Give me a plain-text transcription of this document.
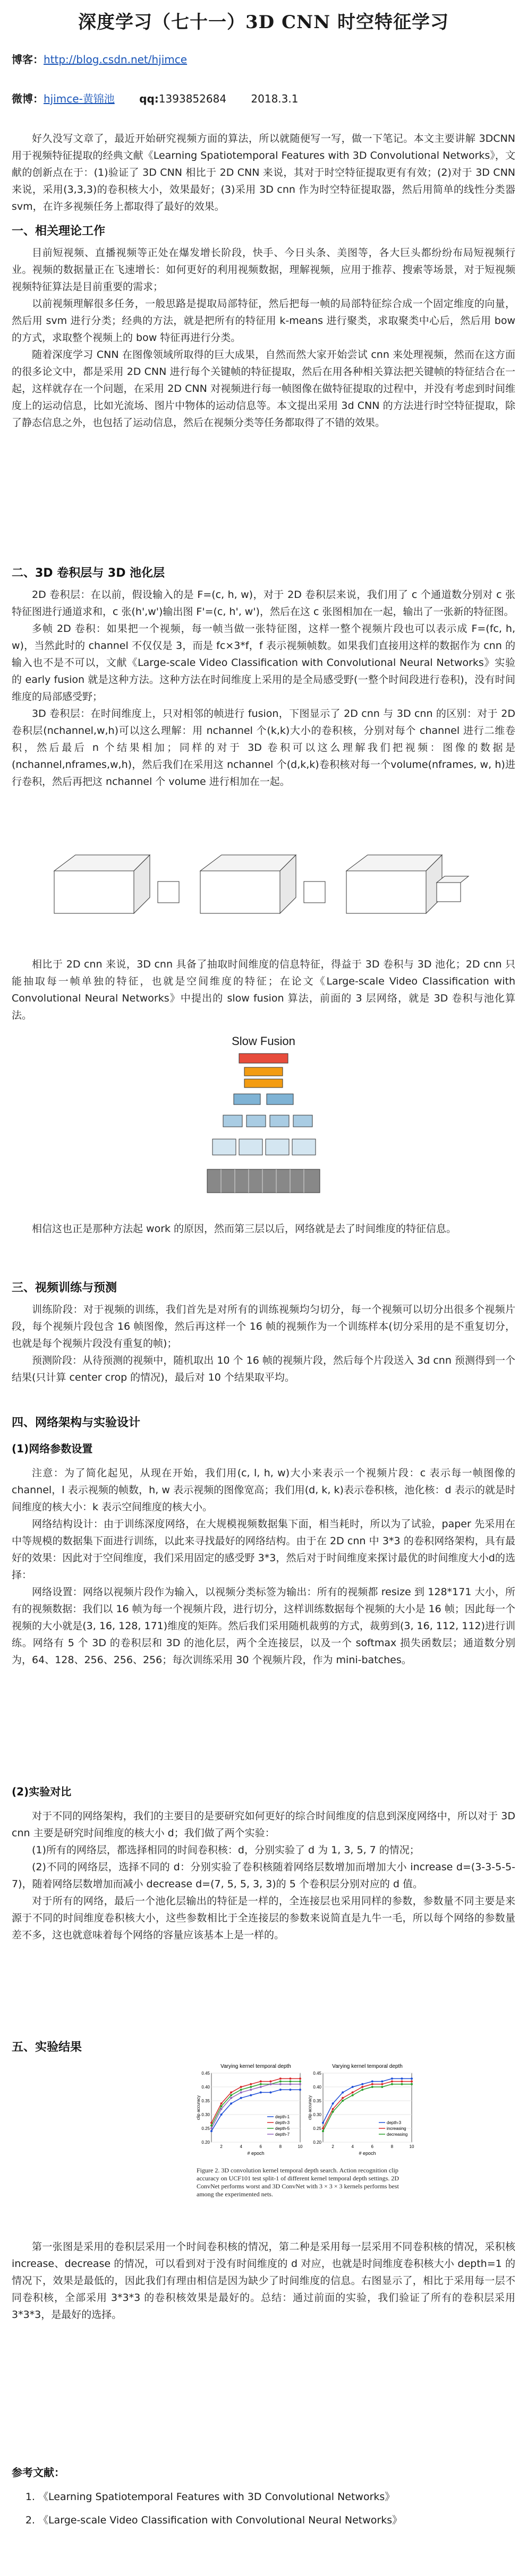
深度学习（七十一）3D CNN 时空特征学习
博客：http://blog.csdn.net/hjimce
微博：hjimce-黄锦池 qq:1393852684 2018.3.1

好久没写文章了，最近开始研究视频方面的算法，所以就随便写一写，做一下笔记。本文主要讲解 3DCNN 用于视频特征提取的经典文献《Learning Spatiotemporal Features with 3D Convolutional Networks》，文献的创新点在于：(1)验证了 3D CNN 相比于 2D CNN 来说，其对于时空特征提取更有有效；(2)对于 3D CNN 来说，采用(3,3,3)的卷积核大小，效果最好；(3)采用 3D cnn 作为时空特征提取器，然后用简单的线性分类器 svm，在许多视频任务上都取得了最好的效果。

一、相关理论工作

目前短视频、直播视频等正处在爆发增长阶段，快手、今日头条、美图等，各大巨头都纷纷布局短视频行业。视频的数据量正在飞速增长：如何更好的利用视频数据，理解视频，应用于推荐、搜索等场景，对于短视频视频特征算法是目前重要的需求；

以前视频理解很多任务，一般思路是提取局部特征，然后把每一帧的局部特征综合成一个固定维度的向量，然后用 svm 进行分类；经典的方法，就是把所有的特征用 k-means 进行聚类，求取聚类中心后，然后用 bow 的方式，求取整个视频上的 bow 特征再进行分类。

随着深度学习 CNN 在图像领域所取得的巨大成果，自然而然大家开始尝试 cnn 来处理视频，然而在这方面的很多论文中，都是采用 2D CNN 进行每个关键帧的特征提取，然后在用各种相关算法把关键帧的特征结合在一起，这样就存在一个问题，在采用 2D CNN 对视频进行每一帧图像在做特征提取的过程中，并没有考虑到时间维度上的运动信息，比如光流场、图片中物体的运动信息等。本文提出采用 3d CNN 的方法进行时空特征提取，除了静态信息之外，也包括了运动信息，然后在视频分类等任务都取得了不错的效果。

二、3D 卷积层与 3D 池化层

2D 卷积层：在以前，假设输入的是 F=(c, h, w)，对于 2D 卷积层来说，我们用了 c 个通道数分别对 c 张特征图进行通道求和，c 张(h',w')输出图 F'=(c, h', w')，然后在这 c 张图相加在一起，输出了一张新的特征图。

多帧 2D 卷积：如果把一个视频，每一帧当做一张特征图，这样一整个视频片段也可以表示成 F=(fc, h, w)，当然此时的 channel 不仅仅是 3，而是 fc×3*f，f 表示视频帧数。如果我们直接用这样的数据作为 cnn 的输入也不是不可以，文献《Large-scale Video Classification with Convolutional Neural Networks》实验的 early fusion 就是这种方法。这种方法在时间维度上采用的是全局感受野(一整个时间段进行卷积)，没有时间维度的局部感受野；

3D 卷积层：在时间维度上，只对相邻的帧进行 fusion，下图显示了 2D cnn 与 3D cnn 的区别：对于 2D 卷积层(nchannel,w,h)可以这么理解：用 nchannel 个(k,k)大小的卷积核，分别对每个 channel 进行二维卷积，然后最后 n 个结果相加；同样的对于 3D 卷积可以这么理解我们把视频：图像的数据是(nchannel,nframes,w,h)，然后我们在采用这 nchannel 个(d,k,k)卷积核对每一个volume(nframes, w, h)进行卷积，然后再把这 nchannel 个 volume 进行相加在一起。

相比于 2D cnn 来说，3D cnn 具备了抽取时间维度的信息特征，得益于 3D 卷积与 3D 池化；2D cnn 只能抽取每一帧单独的特征，也就是空间维度的特征；在论文《Large-scale Video Classification with Convolutional Neural Networks》中提出的 slow fusion 算法，前面的 3 层网络，就是 3D 卷积与池化算法。

Slow Fusion

相信这也正是那种方法起 work 的原因，然而第三层以后，网络就是去了时间维度的特征信息。

三、视频训练与预测

训练阶段：对于视频的训练，我们首先是对所有的训练视频均匀切分，每一个视频可以切分出很多个视频片段，每个视频片段包含 16 帧图像，然后再这样一个 16 帧的视频作为一个训练样本(切分采用的是不重复切分，也就是每个视频片段没有重复的帧)；

预测阶段：从待预测的视频中，随机取出 10 个 16 帧的视频片段，然后每个片段送入 3d cnn 预测得到一个结果(只计算 center crop 的情况)，最后对 10 个结果取平均。

四、网络架构与实验设计
(1)网络参数设置

注意：为了简化起见，从现在开始，我们用(c, l, h, w)大小来表示一个视频片段：c 表示每一帧图像的 channel，l 表示视频的帧数，h, w 表示视频的图像宽高；我们用(d, k, k)表示卷积核，池化核：d 表示的就是时间维度的核大小：k 表示空间维度的核大小。

网络结构设计：由于训练深度网络，在大规模视频数据集下面，相当耗时，所以为了试验，paper 先采用在中等规模的数据集下面进行训练，以此来寻找最好的网络结构。由于在 2D cnn 中 3*3 的卷积网络架构，具有最好的效果：因此对于空间维度，我们采用固定的感受野 3*3，然后对于时间维度来探讨最优的时间维度大小d的选择：

网络设置：网络以视频片段作为输入，以视频分类标签为输出：所有的视频都 resize 到 128*171 大小，所有的视频数据：我们以 16 帧为每一个视频片段，进行切分，这样训练数据每个视频的大小是 16 帧；因此每一个视频的大小就是(3, 16, 128, 171)维度的矩阵。然后我们采用随机裁剪的方式，裁剪到(3, 16, 112, 112)进行训练。网络有 5 个 3D 的卷积层和 3D 的池化层，两个全连接层，以及一个 softmax 损失函数层；通道数分别为，64、128、256、256、256；每次训练采用 30 个视频片段，作为 mini-batches。

(2)实验对比

对于不同的网络架构，我们的主要目的是要研究如何更好的综合时间维度的信息到深度网络中，所以对于 3D cnn 主要是研究时间维度的核大小 d；我们做了两个实验：

(1)所有的网络层，都选择相同的时间卷积核：d，分别实验了 d 为 1, 3, 5, 7 的情况；

(2)不同的网络层，选择不同的 d：分别实验了卷积核随着网络层数增加而增加大小 increase d=(3-3-5-5-7)，随着网络层数增加而减小 decrease d=(7, 5, 5, 3, 3)的 5 个卷积层分别对应的 d 值。

对于所有的网络，最后一个池化层输出的特征是一样的，全连接层也采用同样的参数，参数量不同主要是来源于不同的时间维度卷积核大小，这些参数相比于全连接层的参数来说简直是九牛一毛，所以每个网络的参数量差不多，这也就意味着每个网络的容量应该基本上是一样的。

五、实验结果
Varying kernel temporal depth
0.20
0.25
0.30
0.35
0.40
0.45
2	4	6	8	10
# epoch
clip accuracy	depth-1
depth-3
depth-5
depth-7
Varying kernel temporal depth
0.20
0.25
0.30
0.35
0.40
0.45
2	4	6	8	10
# epoch
clip accuracy
depth-3
increasing
decreasing
Figure 2. 3D convolution kernel temporal depth search. Action recognition clip accuracy on UCF101 test split-1 of different kernel temporal depth settings. 2D ConvNet performs worst and 3D ConvNet with 3 × 3 × 3 kernels performs best among the experimented nets.

第一张图是采用的卷积层采用一个时间卷积核的情况，第二种是采用每一层采用不同卷积核的情况，采积核 increase、decrease 的情况，可以看到对于没有时间维度的 d 对应，也就是时间维度卷积核大小 depth=1 的情况下，效果是最低的，因此我们有理由相信是因为缺少了时间维度的信息。右图显示了，相比于采用每一层不同卷积核，全部采用 3*3*3 的卷积核效果是最好的。总结：通过前面的实验，我们验证了所有的卷积层采用 3*3*3，是最好的选择。

参考文献：
1. 《Learning Spatiotemporal Features with 3D Convolutional Networks》
2. 《Large-scale Video Classification with Convolutional Neural Networks》
